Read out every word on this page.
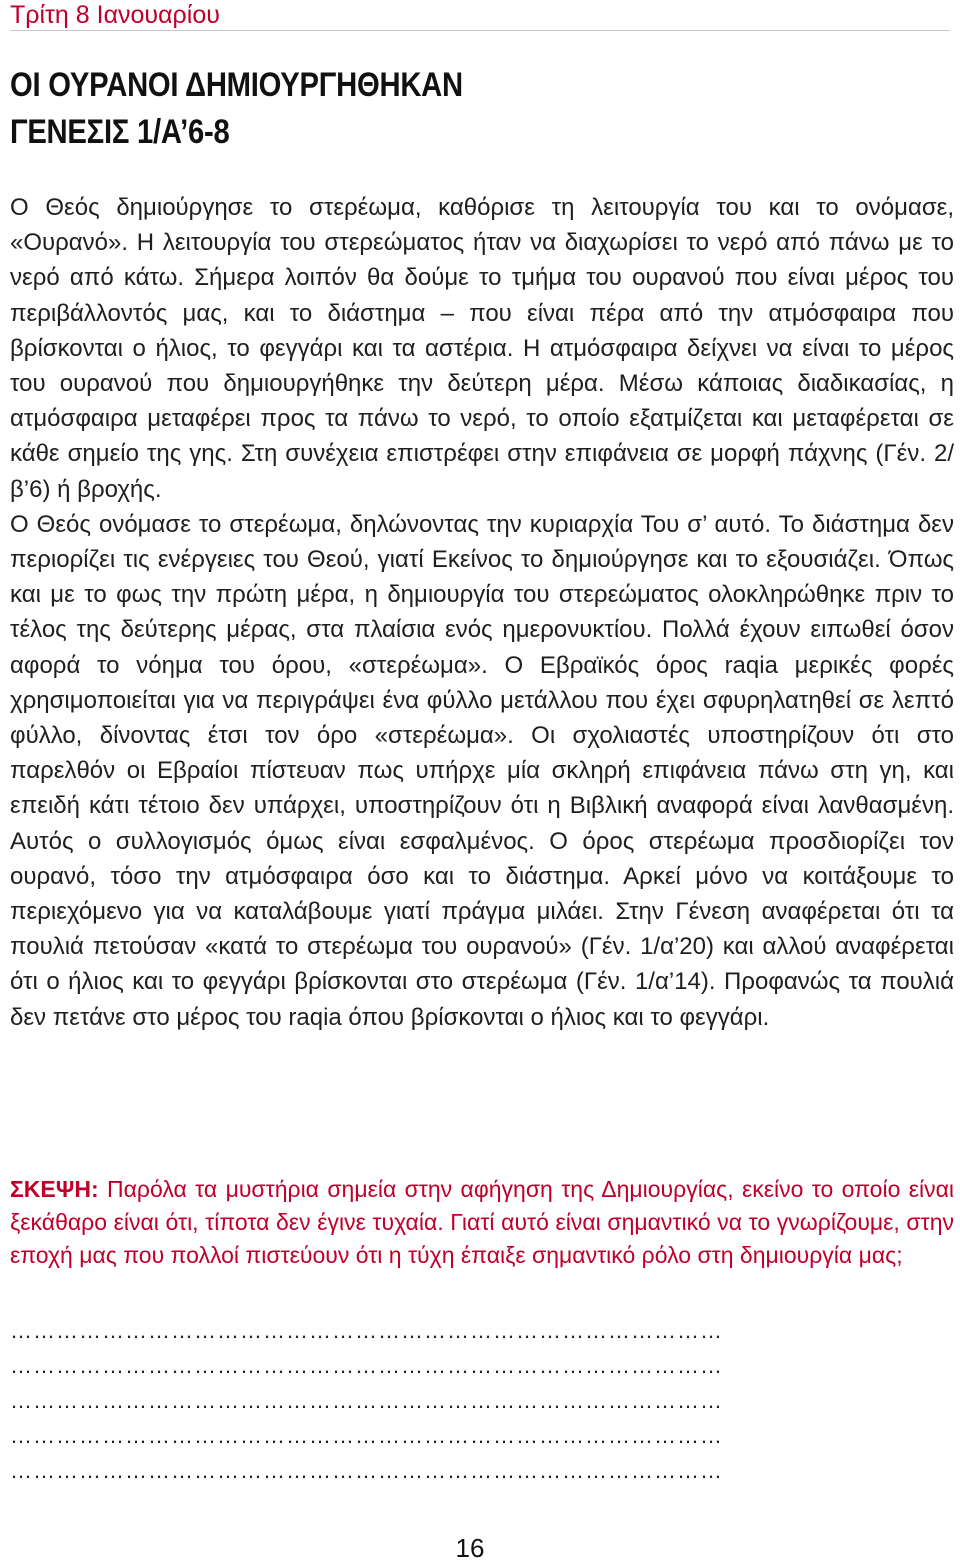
Τρίτη 8 Ιανουαρίου
ΟΙ ΟΥΡΑΝΟΙ ΔΗΜΙΟΥΡΓΗΘΗΚΑΝ
ΓΕΝΕΣΙΣ 1/Α’6-8

Ο Θεός δημιούργησε το στερέωμα, καθόρισε τη λειτουργία του και το ονόμασε, «Ουρανό». Η λειτουργία του στερεώματος ήταν να διαχωρίσει το νερό από πάνω με το νερό από κάτω. Σήμερα λοιπόν θα δούμε το τμήμα του ουρανού που είναι μέρος του περιβάλλοντός μας, και το διάστημα – που είναι πέρα από την ατμόσφαιρα που βρίσκονται ο ήλιος, το φεγγάρι και τα αστέρια. Η ατμόσφαιρα δείχνει να είναι το μέρος του ουρανού που δημιουργήθηκε την δεύτερη μέρα. Μέσω κάποιας διαδικασίας, η ατμόσφαιρα μεταφέρει προς τα πάνω το νερό, το οποίο εξατμίζεται και μεταφέρεται σε κάθε σημείο της γης. Στη συνέχεια επιστρέφει στην επιφάνεια σε μορφή πάχνης (Γέν. 2/β’6) ή βροχής.

Ο Θεός ονόμασε το στερέωμα, δηλώνοντας την κυριαρχία Του σ’ αυτό. Το διάστημα δεν περιορίζει τις ενέργειες του Θεού, γιατί Εκείνος το δημιούργησε και το εξουσιάζει. Όπως και με το φως την πρώτη μέρα, η δημιουργία του στερεώματος ολοκληρώθηκε πριν το τέλος της δεύτερης μέρας, στα πλαίσια ενός ημερονυκτίου. Πολλά έχουν ειπωθεί όσον αφορά το νόημα του όρου, «στερέωμα». Ο Εβραϊκός όρος raqia μερικές φορές χρησιμοποιείται για να περιγράψει ένα φύλλο μετάλλου που έχει σφυρηλατηθεί σε λεπτό φύλλο, δίνοντας έτσι τον όρο «στερέωμα». Οι σχολιαστές υποστηρίζουν ότι στο παρελθόν οι Εβραίοι πίστευαν πως υπήρχε μία σκληρή επιφάνεια πάνω στη γη, και επειδή κάτι τέτοιο δεν υπάρχει, υποστηρίζουν ότι η Βιβλική αναφορά είναι λανθασμένη. Αυτός ο συλλογισμός όμως είναι εσφαλμένος. Ο όρος στερέωμα προσδιορίζει τον ουρανό, τόσο την ατμόσφαιρα όσο και το διάστημα. Αρκεί μόνο να κοιτάξουμε το περιεχόμενο για να καταλάβουμε γιατί πράγμα μιλάει. Στην Γένεση αναφέρεται ότι τα πουλιά πετούσαν «κατά το στερέωμα του ουρανού» (Γέν. 1/α’20) και αλλού αναφέρεται ότι ο ήλιος και το φεγγάρι βρίσκονται στο στερέωμα (Γέν. 1/α’14). Προφανώς τα πουλιά δεν πετάνε στο μέρος του raqia όπου βρίσκονται ο ήλιος και το φεγγάρι.

ΣΚΕΨΗ: Παρόλα τα μυστήρια σημεία στην αφήγηση της Δημιουργίας, εκείνο το οποίο είναι ξεκάθαρο είναι ότι, τίποτα δεν έγινε τυχαία. Γιατί αυτό είναι σημαντικό να το γνωρίζουμε, στην εποχή μας που πολλοί πιστεύουν ότι η τύχη έπαιξε σημαντικό ρόλο στη δημιουργία μας;
…………………………………………………………………………………
…………………………………………………………………………………
…………………………………………………………………………………
…………………………………………………………………………………
…………………………………………………………………………………
16
